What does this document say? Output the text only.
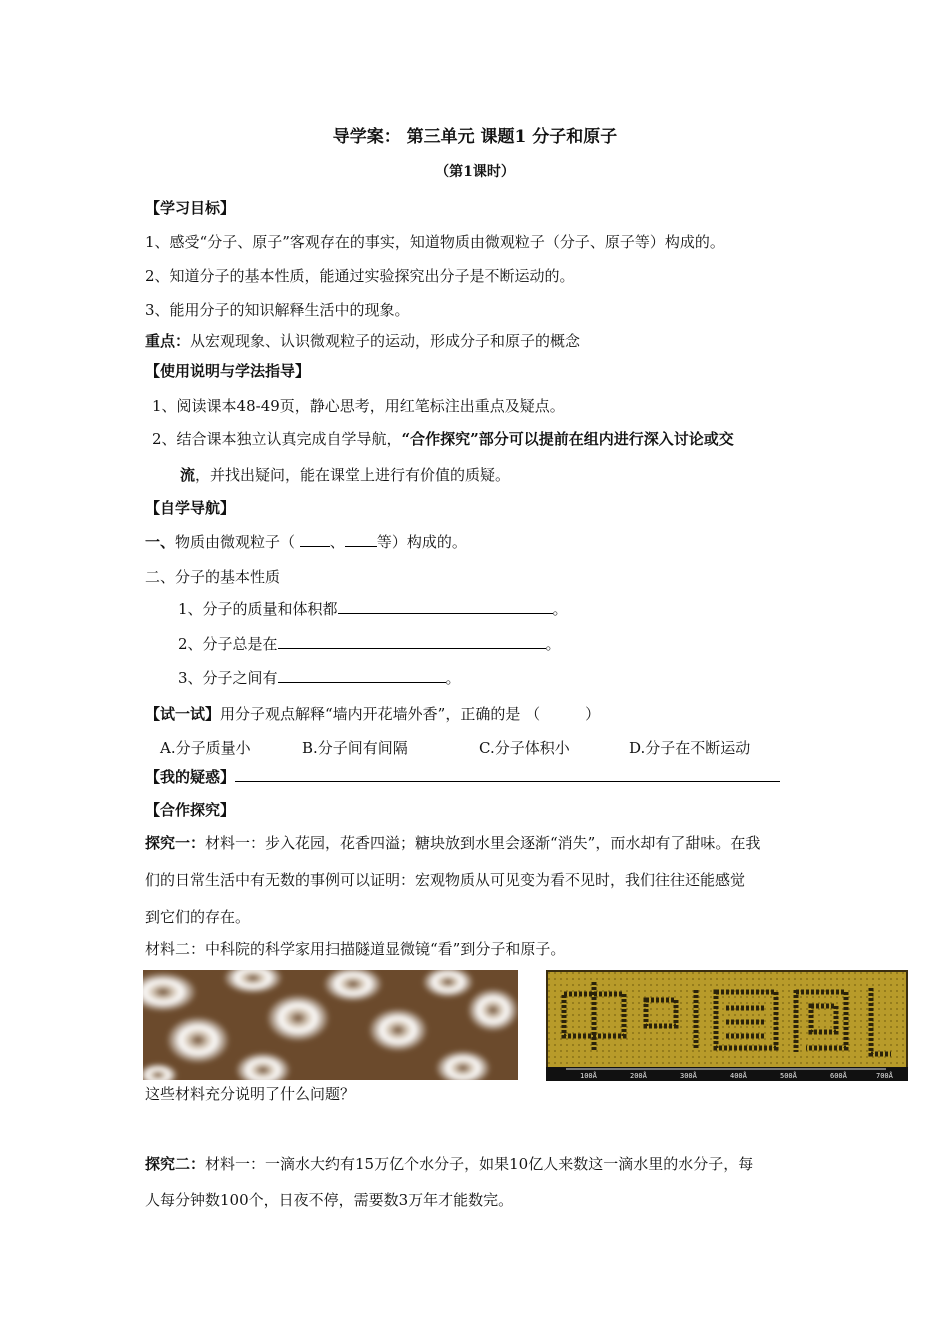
导学案： 第三单元 课题1 分子和原子
（第1课时）
【学习目标】
1、感受“分子、原子”客观存在的事实，知道物质由微观粒子（分子、原子等）构成的。
2、知道分子的基本性质，能通过实验探究出分子是不断运动的。
3、能用分子的知识解释生活中的现象。
重点：从宏观现象、认识微观粒子的运动，形成分子和原子的概念
【使用说明与学法指导】
1、阅读课本48-49页，静心思考，用红笔标注出重点及疑点。
2、结合课本独立认真完成自学导航，“合作探究”部分可以提前在组内进行深入讨论或交
流，并找出疑问，能在课堂上进行有价值的质疑。
【自学导航】
一、物质由微观粒子（ 、 等）构成的。
二、分子的基本性质
1、分子的质量和体积都	。
2、分子总是在	。
3、分子之间有	。
【试一试】用分子观点解释“墙内开花墙外香”，正确的是 （　　　）
A.分子质量小	B.分子间有间隔	C.分子体积小	D.分子在不断运动
【我的疑惑】
【合作探究】
探究一：材料一：步入花园，花香四溢；糖块放到水里会逐渐“消失”，而水却有了甜味。在我
们的日常生活中有无数的事例可以证明：宏观物质从可见变为看不见时，我们往往还能感觉
到它们的存在。
材料二：中科院的科学家用扫描隧道显微镜“看”到分子和原子。
100Å	200Å	300Å	400Å	500Å	600Å	700Å
这些材料充分说明了什么问题？
探究二：材料一：一滴水大约有15万亿个水分子，如果10亿人来数这一滴水里的水分子，每
人每分钟数100个，日夜不停，需要数3万年才能数完。
